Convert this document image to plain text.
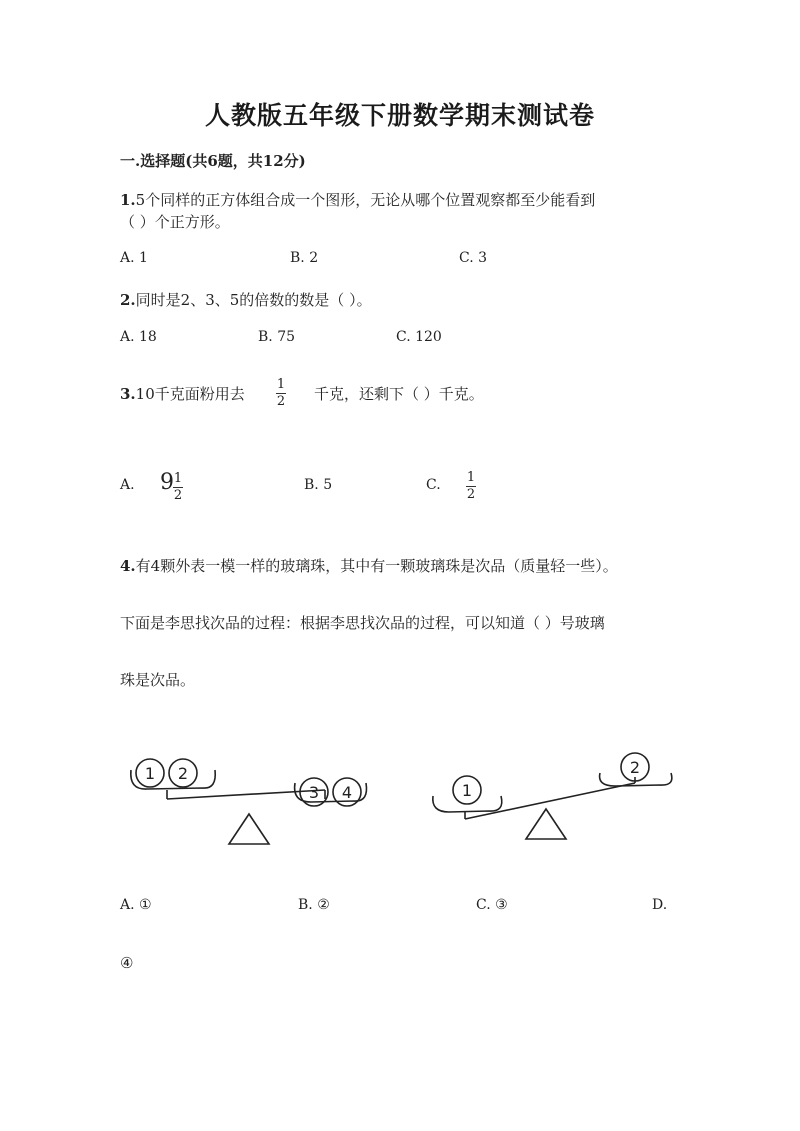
人教版五年级下册数学期末测试卷
一.选择题(共6题，共12分)
1.5个同样的正方体组合成一个图形，无论从哪个位置观察都至少能看到
（ ）个正方形。
A. 1	B. 2	C. 3
2.同时是2、3、5的倍数的数是（ ）。
A. 18	B. 75	C. 120
3.10千克面粉用去
1
2 千克，还剩下（ ）千克。
A. 9 1
2
B. 5	C. 1
2
4.有4颗外表一模一样的玻璃珠，其中有一颗玻璃珠是次品（质量轻一些）。
下面是李思找次品的过程：根据李思找次品的过程，可以知道（ ）号玻璃
珠是次品。
1 2
3 4	1
2
A. ①	B. ②	C. ③	D.
④
